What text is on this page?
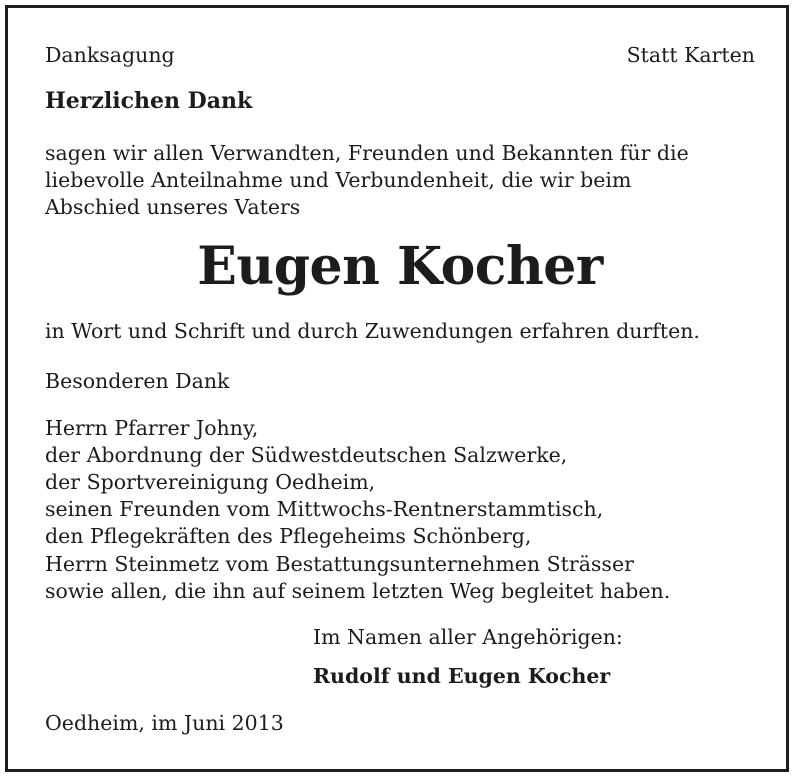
Danksagung	Statt Karten

Herzlichen Dank

sagen wir allen Verwandten, Freunden und Bekannten für die

liebevolle Anteilnahme und Verbundenheit, die wir beim

Abschied unseres Vaters

Eugen Kocher

in Wort und Schrift und durch Zuwendungen erfahren durften.

Besonderen Dank

Herrn Pfarrer Johny,

der Abordnung der Südwestdeutschen Salzwerke,

der Sportvereinigung Oedheim,

seinen Freunden vom Mittwochs-Rentnerstammtisch,

den Pflegekräften des Pflegeheims Schönberg,

Herrn Steinmetz vom Bestattungsunternehmen Strässer

sowie allen, die ihn auf seinem letzten Weg begleitet haben.

Im Namen aller Angehörigen:

Rudolf und Eugen Kocher

Oedheim, im Juni 2013
